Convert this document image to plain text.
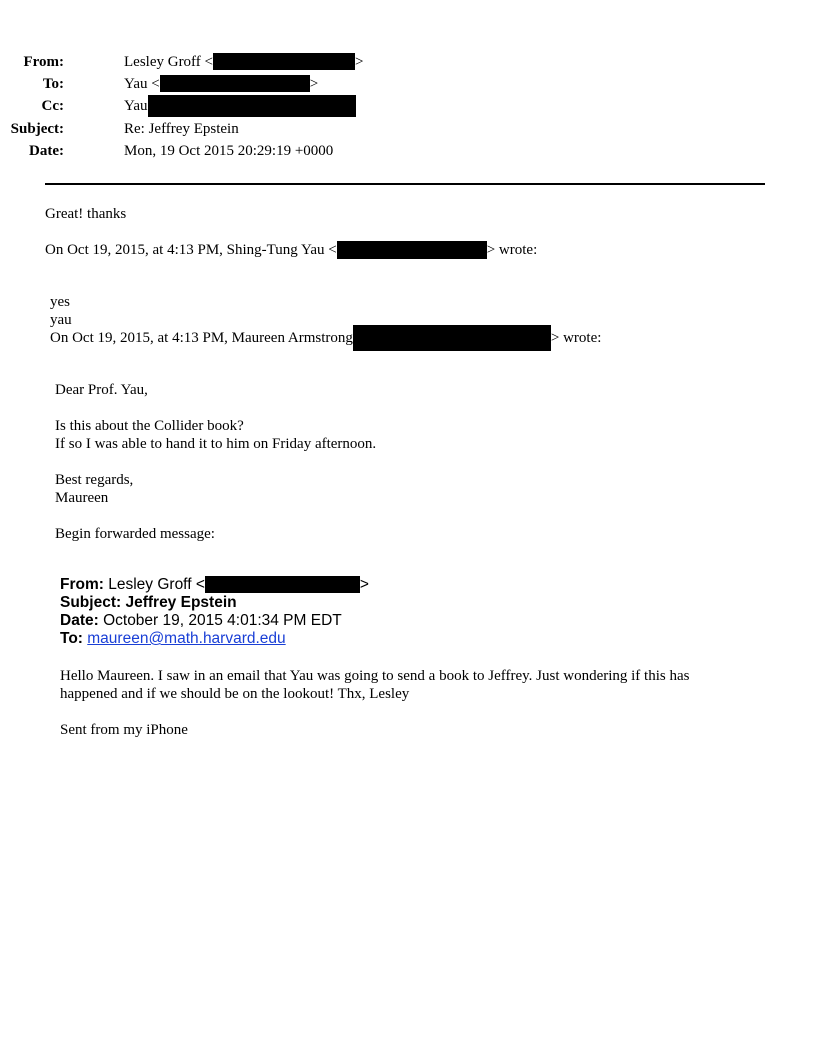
From:	Lesley Groff <	>
To:	Yau <	>
Cc:	Yau
Subject:	Re: Jeffrey Epstein
Date:	Mon, 19 Oct 2015 20:29:19 +0000
Great! thanks
On Oct 19, 2015, at 4:13 PM, Shing-Tung Yau <	> wrote:
yes
yau
On Oct 19, 2015, at 4:13 PM, Maureen Armstrong	> wrote:
Dear Prof. Yau,
Is this about the Collider book?
If so I was able to hand it to him on Friday afternoon.
Best regards,
Maureen
Begin forwarded message:
From: Lesley Groff <	>
Subject: Jeffrey Epstein
Date: October 19, 2015 4:01:34 PM EDT
To: maureen@math.harvard.edu
Hello Maureen. I saw in an email that Yau was going to send a book to Jeffrey. Just wondering if this has
happened and if we should be on the lookout! Thx, Lesley
Sent from my iPhone
